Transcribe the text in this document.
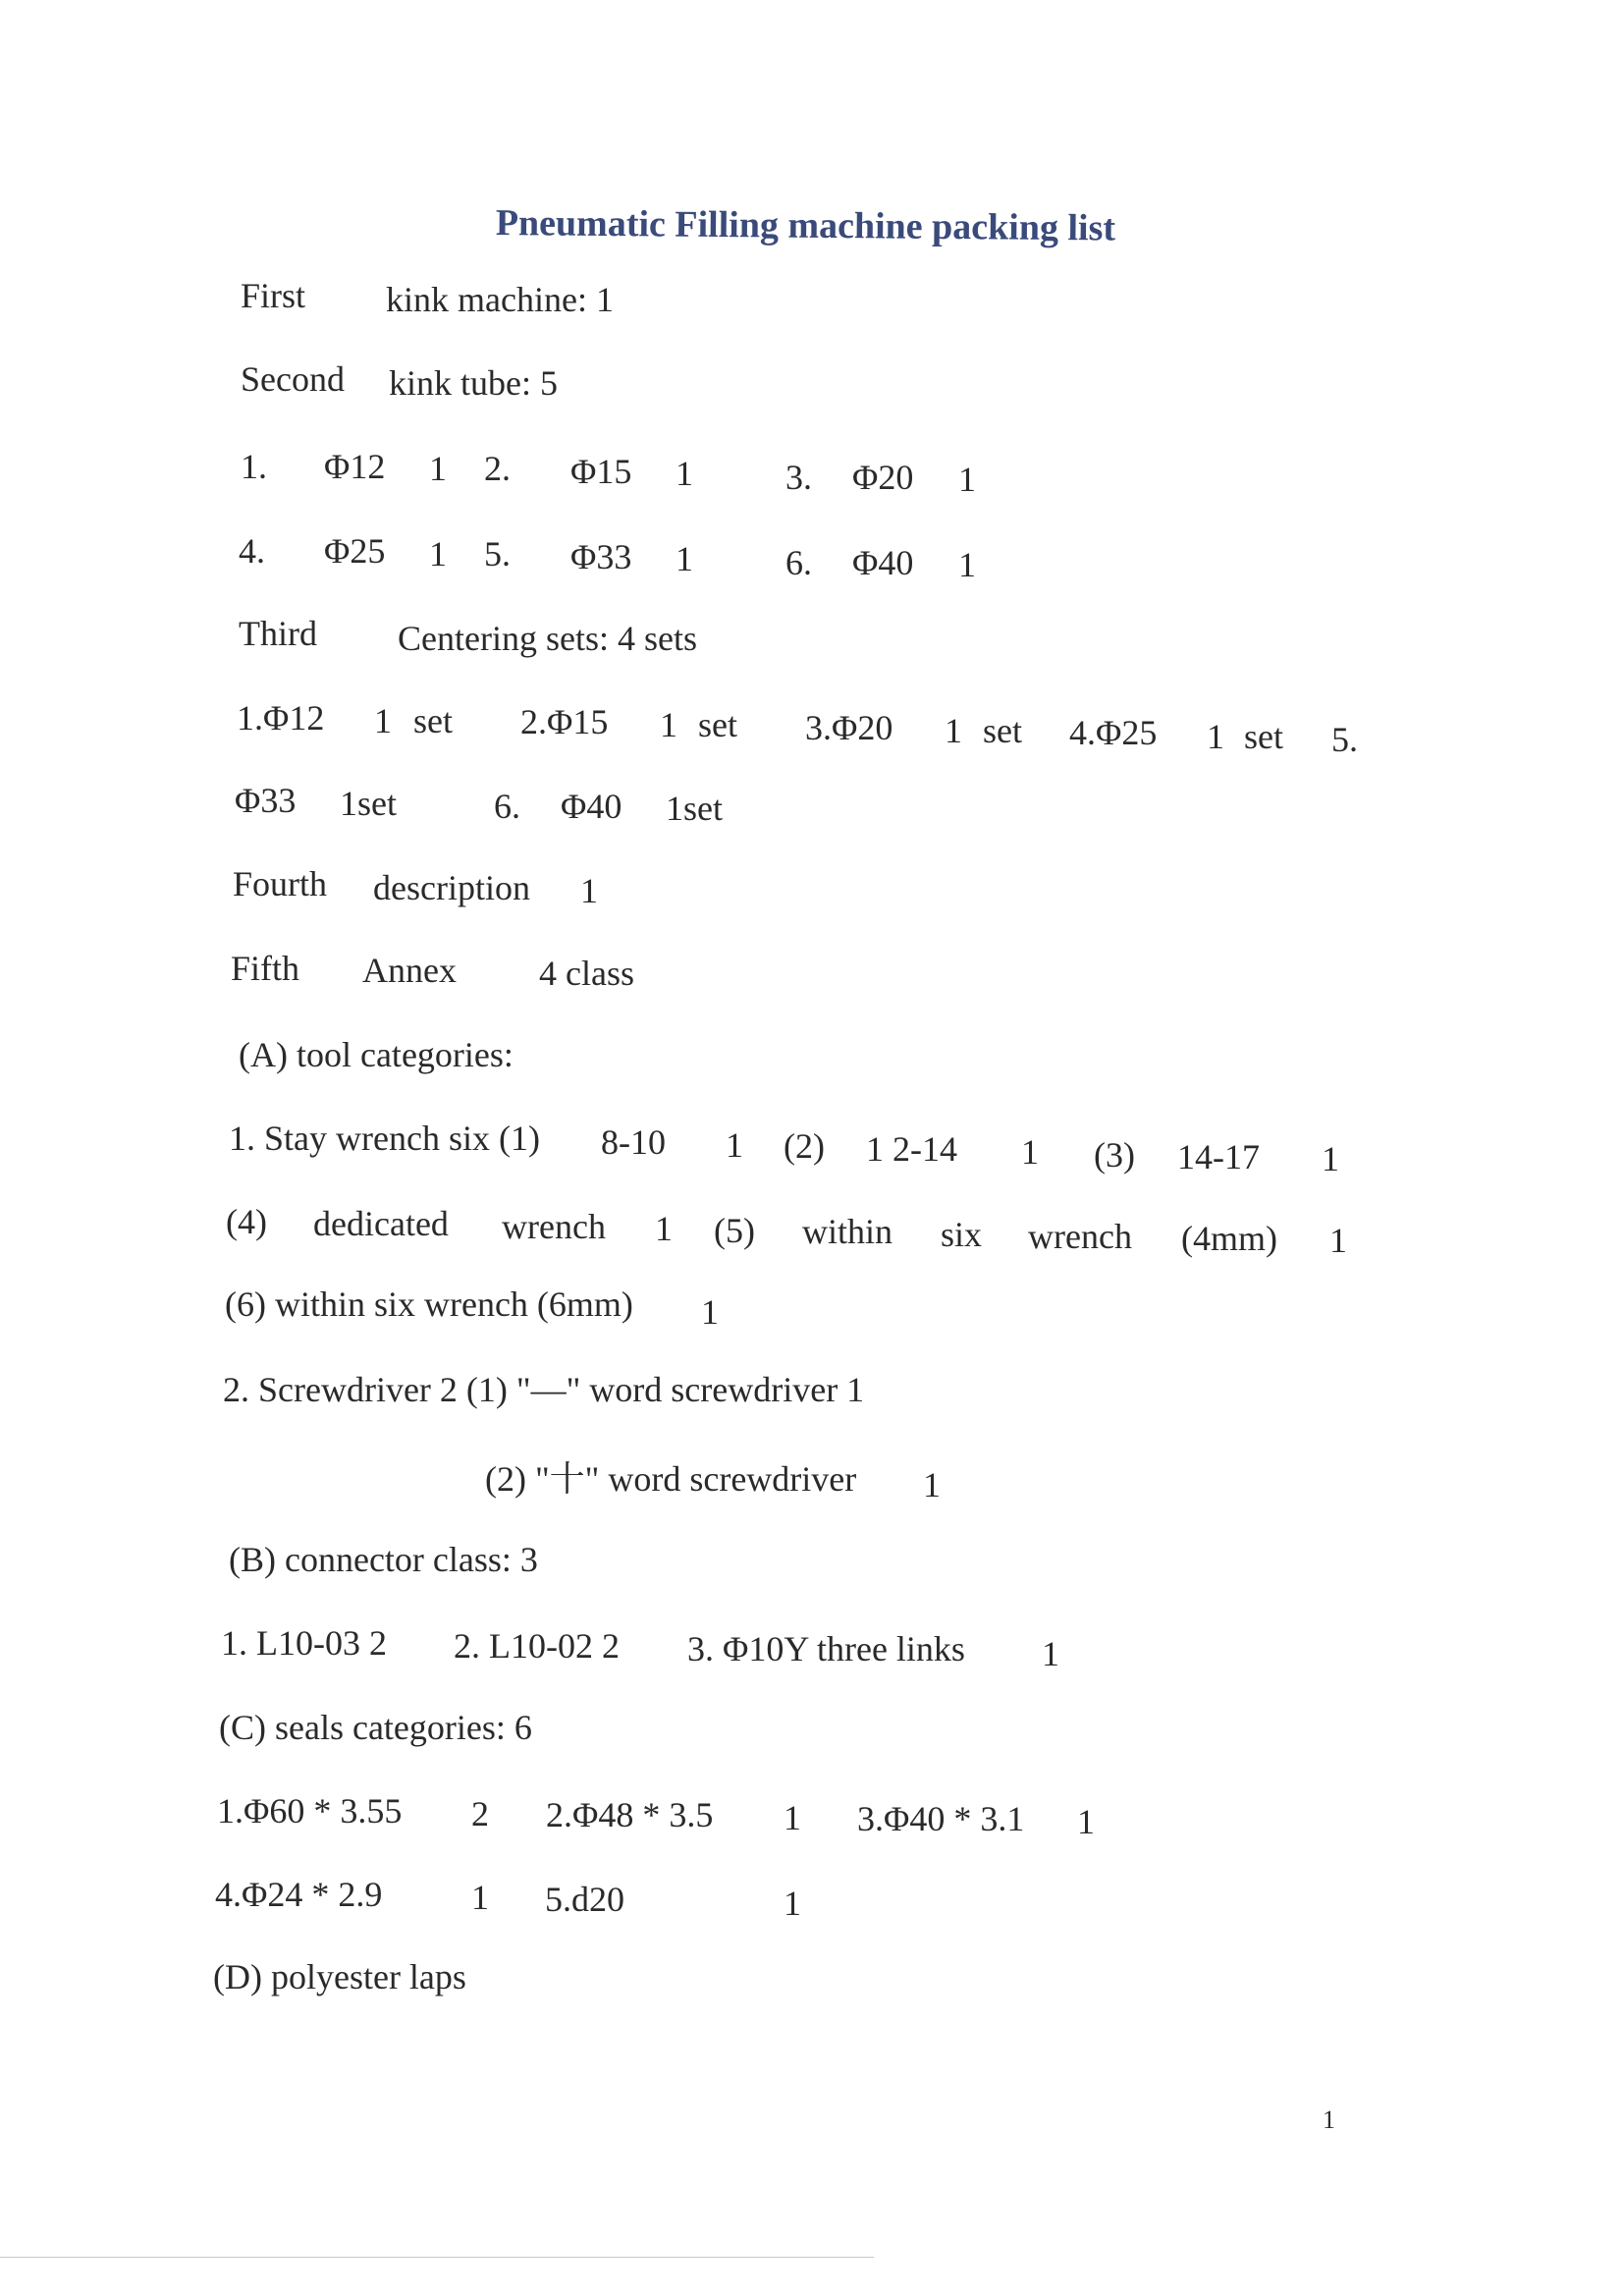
Pneumatic Filling machine packing list
First kink machine: 1
Second kink tube: 5
1. Φ12 1 2. Φ15 1	3. Φ20 1
4. Φ25 1 5. Φ33 1	6. Φ40 1
Third Centering sets: 4 sets
1.Φ12 1 set 2.Φ15 1 set 3.Φ20 1 set 4.Φ25 1 set 5.
Φ33 1set	6. Φ40 1set
Fourth description 1
Fifth Annex 4 class
(A) tool categories:
1. Stay wrench six (1) 8-10 1 (2) 1 2-14 1 (3) 14-17 1
(4) dedicated wrench 1 (5) within six wrench (4mm) 1
(6) within six wrench (6mm) 1
2. Screwdriver 2 (1) "—" word screwdriver 1
(2) "十" word screwdriver 1
(B) connector class: 3
1. L10-03 2 2. L10-02 2 3. Φ10Y three links 1
(C) seals categories: 6
1.Φ60 * 3.55 2 2.Φ48 * 3.5 1 3.Φ40 * 3.1 1
4.Φ24 * 2.9	1 5.d20	1
(D) polyester laps
1
